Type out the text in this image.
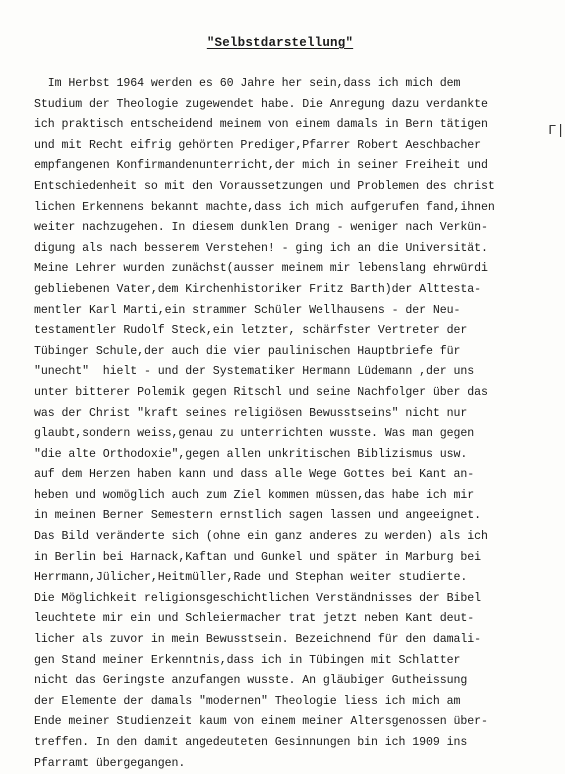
"Selbstdarstellung"
Im Herbst 1964 werden es 60 Jahre her sein,dass ich mich dem
Studium der Theologie zugewendet habe. Die Anregung dazu verdankte
ich praktisch entscheidend meinem von einem damals in Bern tätigen
und mit Recht eifrig gehörten Prediger,Pfarrer Robert Aeschbacher
empfangenen Konfirmandenunterricht,der mich in seiner Freiheit und
Entschiedenheit so mit den Voraussetzungen und Problemen des christ
lichen Erkennens bekannt machte,dass ich mich aufgerufen fand,ihnen
weiter nachzugehen. In diesem dunklen Drang - weniger nach Verkün-
digung als nach besserem Verstehen! - ging ich an die Universität.
Meine Lehrer wurden zunächst(ausser meinem mir lebenslang ehrwürdi
gebliebenen Vater,dem Kirchenhistoriker Fritz Barth)der Alttesta-
mentler Karl Marti,ein strammer Schüler Wellhausens - der Neu-
testamentler Rudolf Steck,ein letzter, schärfster Vertreter der
Tübinger Schule,der auch die vier paulinischen Hauptbriefe für
"unecht"  hielt - und der Systematiker Hermann Lüdemann ,der uns
unter bitterer Polemik gegen Ritschl und seine Nachfolger über das
was der Christ "kraft seines religiösen Bewusstseins" nicht nur
glaubt,sondern weiss,genau zu unterrichten wusste. Was man gegen
"die alte Orthodoxie",gegen allen unkritischen Biblizismus usw.
auf dem Herzen haben kann und dass alle Wege Gottes bei Kant an-
heben und womöglich auch zum Ziel kommen müssen,das habe ich mir
in meinen Berner Semestern ernstlich sagen lassen und angeeignet.
Das Bild veränderte sich (ohne ein ganz anderes zu werden) als ich
in Berlin bei Harnack,Kaftan und Gunkel und später in Marburg bei
Herrmann,Jülicher,Heitmüller,Rade und Stephan weiter studierte.
Die Möglichkeit religionsgeschichtlichen Verständnisses der Bibel
leuchtete mir ein und Schleiermacher trat jetzt neben Kant deut-
licher als zuvor in mein Bewusstsein. Bezeichnend für den damali-
gen Stand meiner Erkenntnis,dass ich in Tübingen mit Schlatter
nicht das Geringste anzufangen wusste. An gläubiger Gutheissung
der Elemente der damals "modernen" Theologie liess ich mich am
Ende meiner Studienzeit kaum von einem meiner Altersgenossen über-
treffen. In den damit angedeuteten Gesinnungen bin ich 1909 ins
Pfarramt übergegangen.
Γ|
